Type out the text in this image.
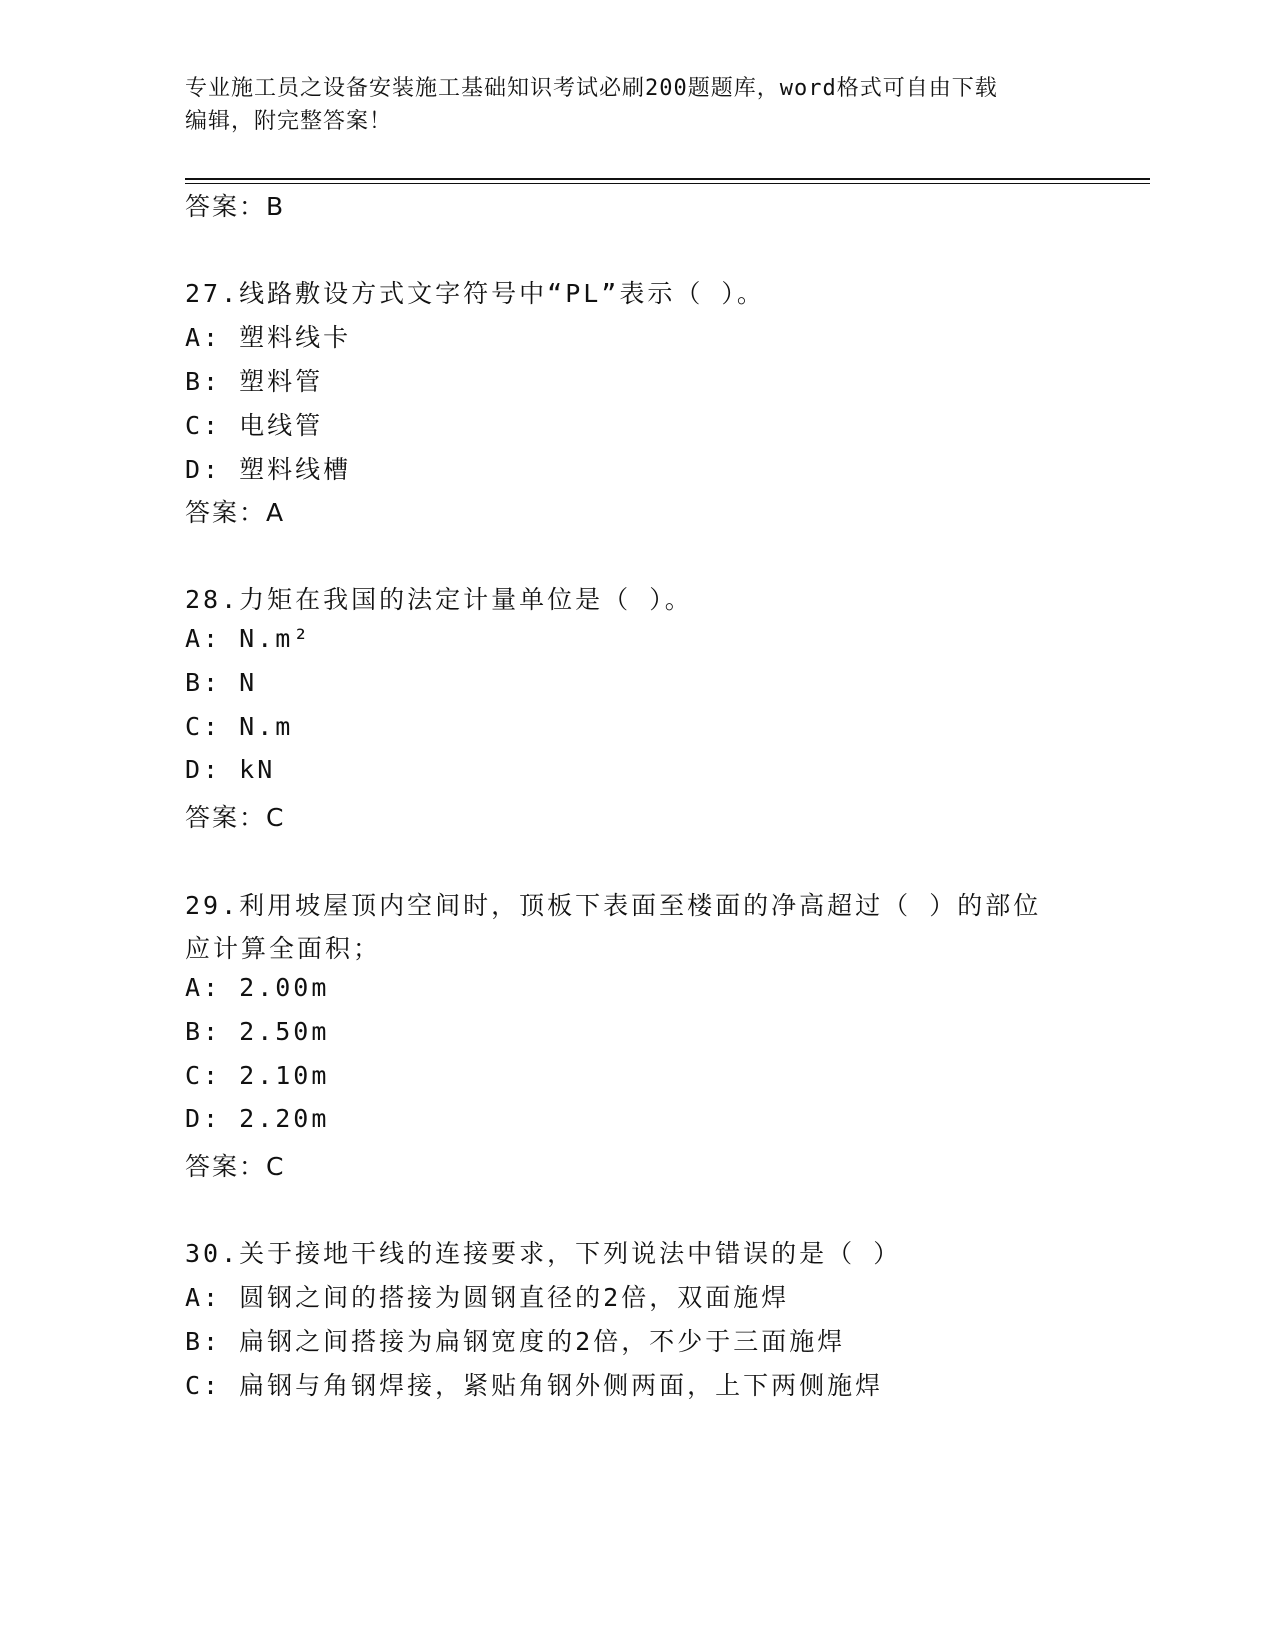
专业施工员之设备安装施工基础知识考试必刷200题题库，word格式可自由下载
编辑，附完整答案！
答案：B
27.线路敷设方式文字符号中“PL”表示（ ）。
A: 塑料线卡
B: 塑料管
C: 电线管
D: 塑料线槽
答案：A
28.力矩在我国的法定计量单位是（ ）。
A: N.m²
B: N
C: N.m
D: kN
答案：C
29.利用坡屋顶内空间时，顶板下表面至楼面的净高超过（ ）的部位
应计算全面积；
A: 2.00m
B: 2.50m
C: 2.10m
D: 2.20m
答案：C
30.关于接地干线的连接要求，下列说法中错误的是（ ）
A: 圆钢之间的搭接为圆钢直径的2倍，双面施焊
B: 扁钢之间搭接为扁钢宽度的2倍，不少于三面施焊
C: 扁钢与角钢焊接，紧贴角钢外侧两面，上下两侧施焊
